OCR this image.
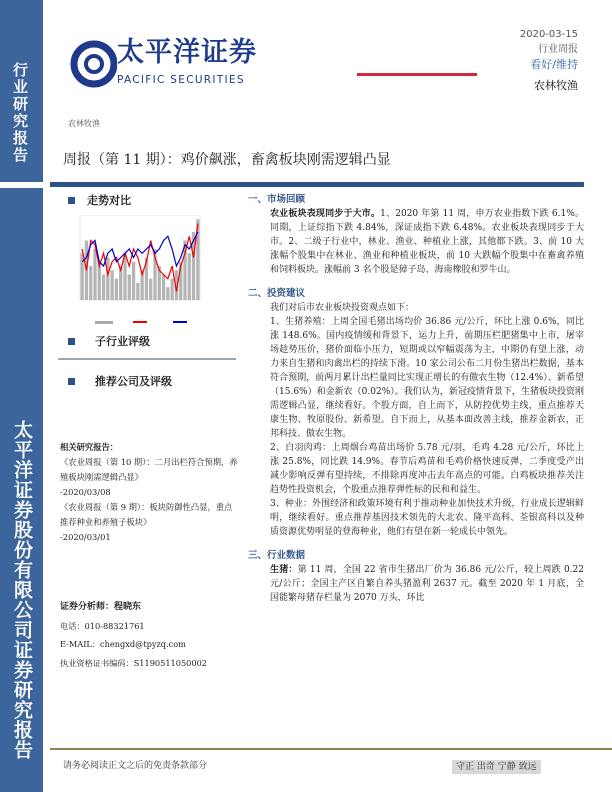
行业研究报告
太平洋证券股份有限公司证券研究报告
太平洋证券
PACIFIC SECURITIES
2020-03-15
行业周报
看好/维持
农林牧渔
农林牧渔
周报（第 11 期）：鸡价飙涨，畜禽板块刚需逻辑凸显
走势对比
子行业评级
推荐公司及评级
相关研究报告：
《农业周报（第 10 期）：二月出栏符合预期，养殖板块刚需逻辑凸显》
-2020/03/08
《农业周报（第 9 期）：板块防御性凸显，重点推荐种业和养殖子板块》
-2020/03/01
证券分析师：程晓东
电话：010-88321761
E-MAIL：chengxd@tpyzq.com
执业资格证书编码：S1190511050002
一、市场回顾
农业板块表现同步于大市。1、2020 年第 11 周，申万农业指数下跌 6.1%。同期，上证综指下跌 4.84%，深证成指下跌 6.48%。农业板块表现同步于大市。2、二级子行业中，林业、渔业、种植业上涨，其他都下跌。3、前 10 大涨幅个股集中在林业、渔业和种植业板块，前 10 大跌幅个股集中在畜禽养殖和饲料板块。涨幅前 3 名个股是獐子岛、海南橡胶和罗牛山。
二、投资建议
我们对后市农业板块投资观点如下：
1、生猪养殖：上周全国毛猪出场均价 36.86 元/公斤，环比上涨 0.6%，同比涨 148.6%。国内疫情缓和背景下，运力上升，前期压栏肥猪集中上市，屠宰场趁势压价，猪价面临小压力，短期或以窄幅震荡为主，中期仍有望上涨，动力来自生猪和肉禽出栏的持续下滑。10 家公司公布二月份生猪出栏数据，基本符合预期，前两月累计出栏量同比实现正增长的有傲农生物（12.4%）、新希望（15.6%）和金新农（0.02%）。我们认为，新冠疫情背景下，生猪板块投资刚需逻辑凸显，继续看好。个股方面，自上而下，从防控优势主线，重点推荐天康生物、牧原股份、新希望。自下而上，从基本面改善主线，推荐金新农，正邦科技、傲农生物。
2、白羽肉鸡：上周烟台鸡苗出场价 5.78 元/羽，毛鸡 4.28 元/公斤，环比上涨 25.8%，同比跌 14.9%。春节后鸡苗和毛鸡价格快速反弹，二季度受产出减少影响反弹有望持续，不排除再度冲击去年高点的可能。白鸡板块推荐关注趋势性投资机会，个股重点推荐弹性标的民和和益生。
3、种业：外围经济和政策环境有利于推动种业加快技术升级，行业成长逻辑鲜明，继续看好。重点推荐基因技术领先的大北农、隆平高科、荃银高科以及种质资源优势明显的登海种业，他们有望在新一轮成长中领先。
三、行业数据
生猪：第 11 周，全国 22 省市生猪出厂价为 36.86 元/公斤，较上周跌 0.22 元/公斤；全国主产区自繁自养头猪盈利 2637 元。截至 2020 年 1 月底，全国能繁母猪存栏量为 2070 万头，环比
请务必阅读正文之后的免责条款部分	守正 出奇 宁静 致远
